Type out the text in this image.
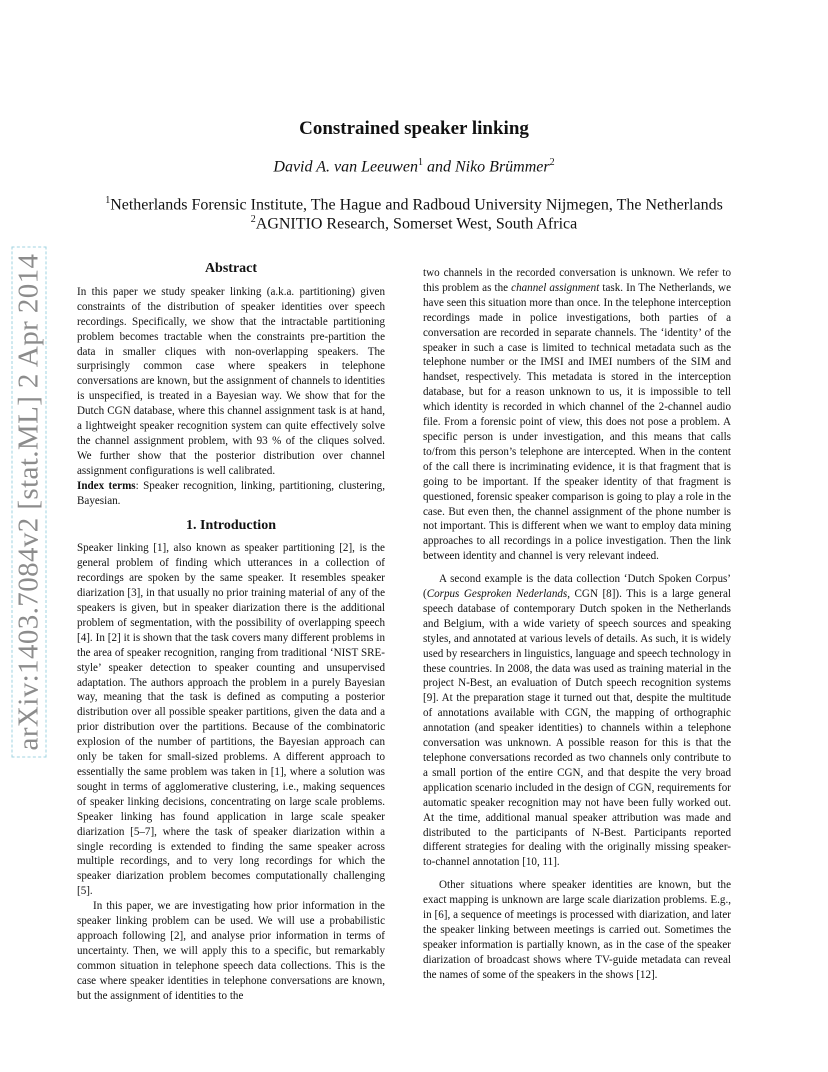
arXiv:1403.7084v2 [stat.ML] 2 Apr 2014
Constrained speaker linking
David A. van Leeuwen$^1$ and Niko Brümmer$^2$
$^1$Netherlands Forensic Institute, The Hague and Radboud University Nijmegen, The Netherlands
$^2$AGNITIO Research, Somerset West, South Africa

Abstract

In this paper we study speaker linking (a.k.a. partitioning) given constraints of the distribution of speaker identities over speech recordings. Specifically, we show that the intractable partitioning problem becomes tractable when the constraints pre-partition the data in smaller cliques with non-overlapping speakers. The surprisingly common case where speakers in telephone conversations are known, but the assignment of channels to identities is unspecified, is treated in a Bayesian way. We show that for the Dutch CGN database, where this channel assignment task is at hand, a lightweight speaker recognition system can quite effectively solve the channel assignment problem, with 93 % of the cliques solved. We further show that the posterior distribution over channel assignment configurations is well calibrated.

Index terms: Speaker recognition, linking, partitioning, clustering, Bayesian.

1. Introduction

Speaker linking [1], also known as speaker partitioning [2], is the general problem of finding which utterances in a collection of recordings are spoken by the same speaker. It resembles speaker diarization [3], in that usually no prior training material of any of the speakers is given, but in speaker diarization there is the additional problem of segmentation, with the possibility of overlapping speech [4]. In [2] it is shown that the task covers many different problems in the area of speaker recognition, ranging from traditional ‘NIST SRE-style’ speaker detection to speaker counting and unsupervised adaptation. The authors approach the problem in a purely Bayesian way, meaning that the task is defined as computing a posterior distribution over all possible speaker partitions, given the data and a prior distribution over the partitions. Because of the combinatoric explosion of the number of partitions, the Bayesian approach can only be taken for small-sized problems. A different approach to essentially the same problem was taken in [1], where a solution was sought in terms of agglomerative clustering, i.e., making sequences of speaker linking decisions, concentrating on large scale problems. Speaker linking has found application in large scale speaker diarization [5–7], where the task of speaker diarization within a single recording is extended to finding the same speaker across multiple recordings, and to very long recordings for which the speaker diarization problem becomes computationally challenging [5].

In this paper, we are investigating how prior information in the speaker linking problem can be used. We will use a probabilistic approach following [2], and analyse prior information in terms of uncertainty. Then, we will apply this to a specific, but remarkably common situation in telephone speech data collections. This is the case where speaker identities in telephone conversations are known, but the assignment of identities to the

two channels in the recorded conversation is unknown. We refer to this problem as the channel assignment task. In The Netherlands, we have seen this situation more than once. In the telephone interception recordings made in police investigations, both parties of a conversation are recorded in separate channels. The ‘identity’ of the speaker in such a case is limited to technical metadata such as the telephone number or the IMSI and IMEI numbers of the SIM and handset, respectively. This metadata is stored in the interception database, but for a reason unknown to us, it is impossible to tell which identity is recorded in which channel of the 2-channel audio file. From a forensic point of view, this does not pose a problem. A specific person is under investigation, and this means that calls to/from this person’s telephone are intercepted. When in the content of the call there is incriminating evidence, it is that fragment that is going to be important. If the speaker identity of that fragment is questioned, forensic speaker comparison is going to play a role in the case. But even then, the channel assignment of the phone number is not important. This is different when we want to employ data mining approaches to all recordings in a police investigation. Then the link between identity and channel is very relevant indeed.

A second example is the data collection ‘Dutch Spoken Corpus’ (Corpus Gesproken Nederlands, CGN [8]). This is a large general speech database of contemporary Dutch spoken in the Netherlands and Belgium, with a wide variety of speech sources and speaking styles, and annotated at various levels of details. As such, it is widely used by researchers in linguistics, language and speech technology in these countries. In 2008, the data was used as training material in the project N-Best, an evaluation of Dutch speech recognition systems [9]. At the preparation stage it turned out that, despite the multitude of annotations available with CGN, the mapping of orthographic annotation (and speaker identities) to channels within a telephone conversation was unknown. A possible reason for this is that the telephone conversations recorded as two channels only contribute to a small portion of the entire CGN, and that despite the very broad application scenario included in the design of CGN, requirements for automatic speaker recognition may not have been fully worked out. At the time, additional manual speaker attribution was made and distributed to the participants of N-Best. Participants reported different strategies for dealing with the originally missing speaker-to-channel annotation [10, 11].

Other situations where speaker identities are known, but the exact mapping is unknown are large scale diarization problems. E.g., in [6], a sequence of meetings is processed with diarization, and later the speaker linking between meetings is carried out. Sometimes the speaker information is partially known, as in the case of the speaker diarization of broadcast shows where TV-guide metadata can reveal the names of some of the speakers in the shows [12].
